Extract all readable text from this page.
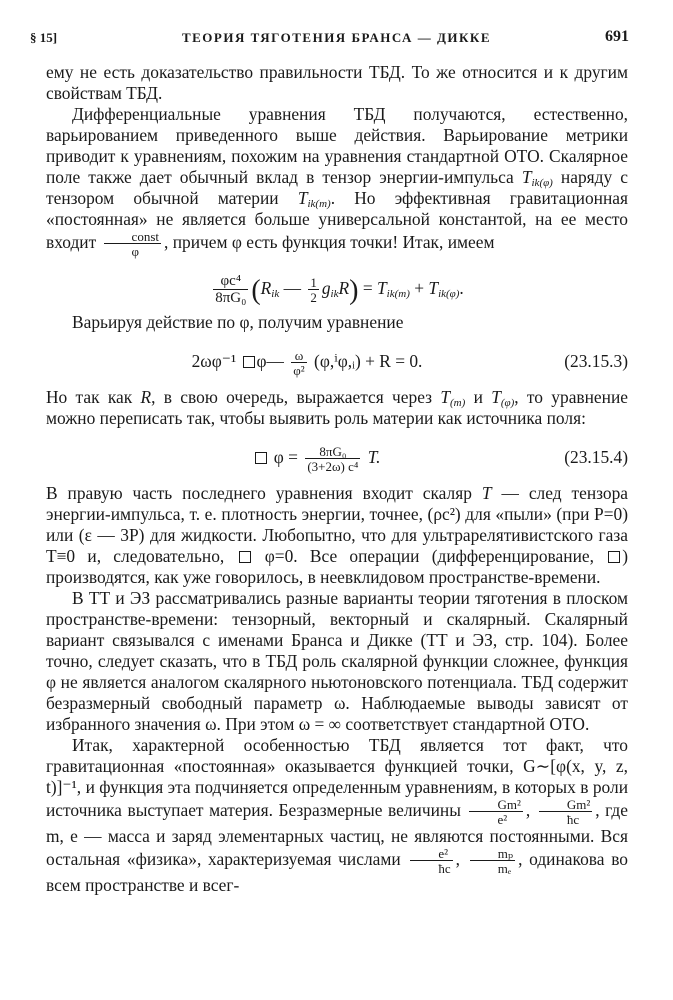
§ 15]	ТЕОРИЯ ТЯГОТЕНИЯ БРАНСА — ДИККЕ	691

ему не есть доказательство правильности ТБД. То же относится и к другим свойствам ТБД.

Дифференциальные уравнения ТБД получаются, естественно, варьированием приведенного выше действия. Варьирование метрики приводит к уравнениям, похожим на уравнения стандартной ОТО. Скалярное поле также дает обычный вклад в тензор энергии-импульса $T_{ik(\varphi)}$ наряду с тензором обычной материи $T_{ik(m)}$. Но эффективная гравитационная «постоянная» не является больше универсальной константой, на ее место входит $\frac{\text{const}}{\varphi}$ , причем φ есть функция точки! Итак, имеем

$\frac{\text{φc⁴}}{\text{8πG₀}} (R_{ik}$ — $\frac{1}{2} g_{ik}R) = T_{ik(m)} + T_{ik(\varphi)}$.

Варьируя действие по φ, получим уравнение

2ωφ⁻¹ φ— $\frac{\omega}{\text{φ²}}$ (φ,ⁱφ,ᵢ) + R = 0.	(23.15.3)

Но так как R, в свою очередь, выражается через $T_{(m)}$ и $T_{(\varphi)}$, то уравнение можно переписать так, чтобы выявить роль материи как источника поля:

$\varphi = \frac{\text{8πG₀}}{\text{(3+2ω) c⁴}} T$.	(23.15.4)

В правую часть последнего уравнения входит скаляр T — след тензора энергии-импульса, т. е. плотность энергии, точнее, (ρc²) для «пыли» (при P=0) или (ε — 3P) для жидкости. Любопытно, что для ультрарелятивистского газа T≡0 и, следовательно,  φ=0. Все операции (дифференцирование, ) производятся, как уже говорилось, в неевклидовом пространстве-времени.

В ТТ и ЭЗ рассматривались разные варианты теории тяготения в плоском пространстве-времени: тензорный, векторный и скалярный. Скалярный вариант связывался с именами Бранса и Дикке (ТТ и ЭЗ, стр. 104). Более точно, следует сказать, что в ТБД роль скалярной функции сложнее, функция φ не является аналогом скалярного ньютоновского потенциала. ТБД содержит безразмерный свободный параметр ω. Наблюдаемые выводы зависят от избранного значения ω. При этом ω = ∞ соответствует стандартной ОТО.

Итак, характерной особенностью ТБД является тот факт, что гравитационная «постоянная» оказывается функцией точки, G∼[φ(x, y, z, t)]⁻¹, и функция эта подчиняется определенным уравнениям, в которых в роли источника выступает материя. Безразмерные величины $\frac{\text{Gm²}}{\text{e²}}$ , $\frac{\text{Gm²}}{ħc}$ , где m, e — масса и заряд элементарных частиц, не являются постоянными. Вся остальная «физика», характеризуемая числами $\frac{\text{e²}}{ħc}$ , $\frac{\text{mₚ}}{\text{mₑ}}$ , одинакова во всем пространстве и всег-
